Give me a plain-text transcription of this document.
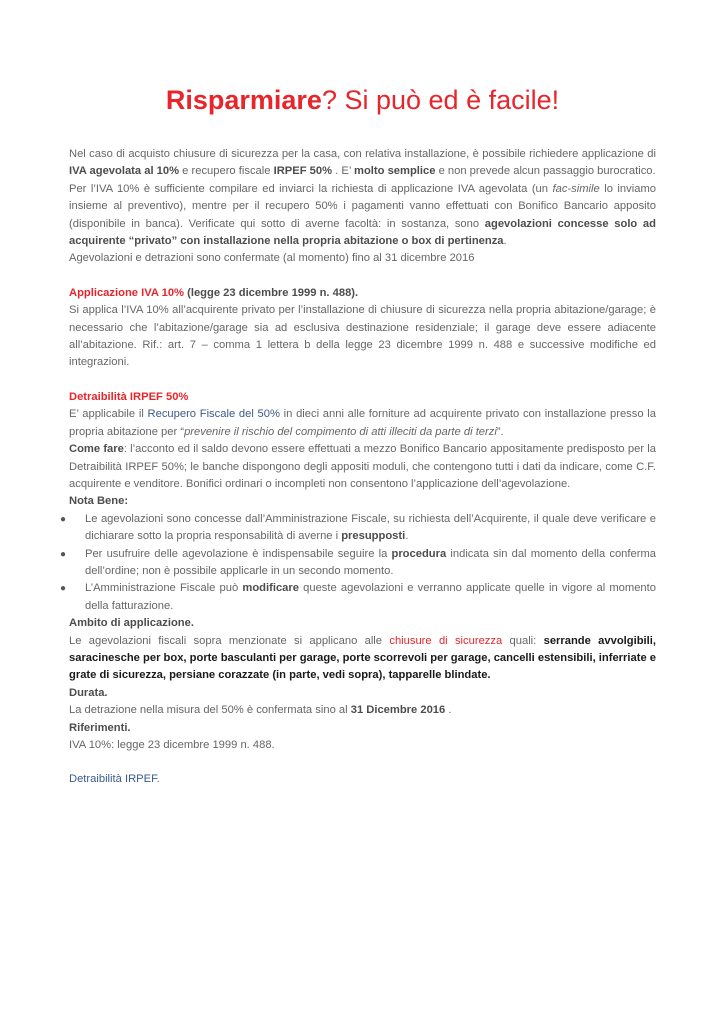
Risparmiare? Si può ed è facile!

Nel caso di acquisto chiusure di sicurezza per la casa, con relativa installazione, è possibile richiedere applicazione di IVA agevolata al 10% e recupero fiscale IRPEF 50% . E’ molto semplice e non prevede alcun passaggio burocratico.

Per l’IVA 10% è sufficiente compilare ed inviarci la richiesta di applicazione IVA agevolata (un fac-simile lo inviamo insieme al preventivo), mentre per il recupero 50% i pagamenti vanno effettuati con Bonifico Bancario apposito (disponibile in banca). Verificate qui sotto di averne facoltà: in sostanza, sono agevolazioni concesse solo ad acquirente “privato” con installazione nella propria abitazione o box di pertinenza.

Agevolazioni e detrazioni sono confermate (al momento) fino al 31 dicembre 2016

Applicazione IVA 10% (legge 23 dicembre 1999 n. 488).

Si applica l’IVA 10% all’acquirente privato per l’installazione di chiusure di sicurezza nella propria abitazione/garage; è necessario che l’abitazione/garage sia ad esclusiva destinazione residenziale; il garage deve essere adiacente all’abitazione. Rif.: art. 7 – comma 1 lettera b della legge 23 dicembre 1999 n. 488 e successive modifiche ed integrazioni.

Detraibilità IRPEF 50%

E’ applicabile il Recupero Fiscale del 50% in dieci anni alle forniture ad acquirente privato con installazione presso la propria abitazione per “prevenire il rischio del compimento di atti illeciti da parte di terzi”.

Come fare: l’acconto ed il saldo devono essere effettuati a mezzo Bonifico Bancario appositamente predisposto per la Detraibilità IRPEF 50%; le banche dispongono degli appositi moduli, che contengono tutti i dati da indicare, come C.F. acquirente e venditore. Bonifici ordinari o incompleti non consentono l’applicazione dell’agevolazione.

Nota Bene:

● Le agevolazioni sono concesse dall’Amministrazione Fiscale, su richiesta dell’Acquirente, il quale deve verificare e dichiarare sotto la propria responsabilità di averne i presupposti.
● Per usufruire delle agevolazione è indispensabile seguire la procedura indicata sin dal momento della conferma dell’ordine; non è possibile applicarle in un secondo momento.
● L’Amministrazione Fiscale può modificare queste agevolazioni e verranno applicate quelle in vigore al momento della fatturazione.

Ambito di applicazione.

Le agevolazioni fiscali sopra menzionate si applicano alle chiusure di sicurezza quali: serrande avvolgibili, saracinesche per box, porte basculanti per garage, porte scorrevoli per garage, cancelli estensibili, inferriate e grate di sicurezza, persiane corazzate (in parte, vedi sopra), tapparelle blindate.

Durata.

La detrazione nella misura del 50% è confermata sino al 31 Dicembre 2016 .

Riferimenti.

IVA 10%: legge 23 dicembre 1999 n. 488.

Detraibilità IRPEF.
